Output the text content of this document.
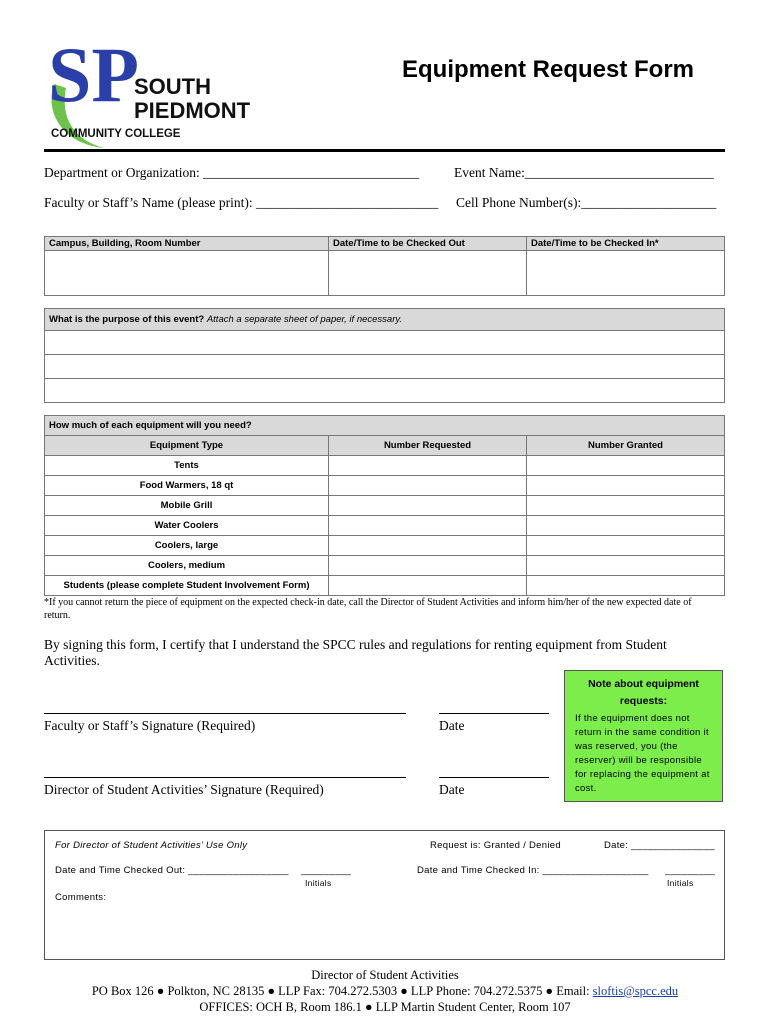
SP
SOUTH
PIEDMONT
COMMUNITY COLLEGE
Equipment Request Form
Department or Organization: ________________________________	Event Name:____________________________
Faculty or Staff’s Name (please print): ___________________________ Cell Phone Number(s):____________________
Campus, Building, Room Number	Date/Time to be Checked Out	Date/Time to be Checked In*

What is the purpose of this event? Attach a separate sheet of paper, if necessary.

How much of each equipment will you need?		
Equipment Type	Number Requested	Number Granted
Tents		
Food Warmers, 18 qt		
Mobile Grill		
Water Coolers		
Coolers, large		
Coolers, medium		
Students (please complete Student Involvement Form)		
*If you cannot return the piece of equipment on the expected check-in date, call the Director of Student Activities and inform him/her of the new expected date of return.
By signing this form, I certify that I understand the SPCC rules and regulations for renting equipment from Student Activities.
Note about equipment requests:
If the equipment does not return in the same condition it was reserved, you (the reserver) will be responsible for replacing the equipment at cost.
Faculty or Staff’s Signature (Required)	Date
Director of Student Activities’ Signature (Required)	Date
For Director of Student Activities’ Use Only	Request is: Granted / Denied	Date: _______________
Date and Time Checked Out: __________________ _________
Initials
Date and Time Checked In: ___________________ _________
Initials
Comments:
Director of Student Activities
PO Box 126 ● Polkton, NC 28135 ● LLP Fax: 704.272.5303 ● LLP Phone: 704.272.5375 ● Email: sloftis@spcc.edu
OFFICES: OCH B, Room 186.1 ● LLP Martin Student Center, Room 107
